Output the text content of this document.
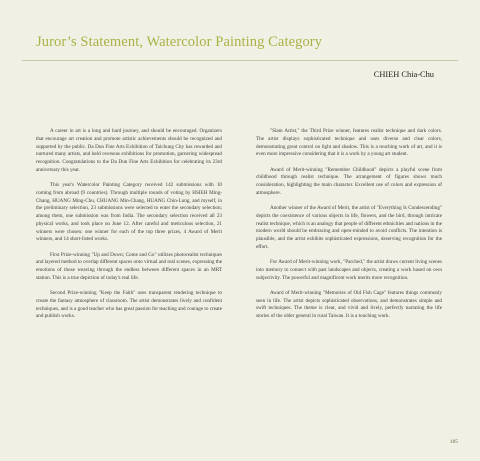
Juror’s Statement, Watercolor Painting Category
CHIEH Chia-Chu

A career in art is a long and hard journey, and should be encouraged. Organizers that encourage art creation and promote artistic achievements should be recognized and supported by the public. Da Dun Fine Arts Exhibition of Taichung City has rewarded and nurtured many artists, and held overseas exhibitions for promotion, garnering widespread recognition. Congratulations to the Da Dun Fine Arts Exhibition for celebrating its 23rd anniversary this year.

This year's Watercolor Painting Category received 142 submissions with 10 coming from abroad (9 countries). Through multiple rounds of voting by HSIEH Ming-Chang, HUANG Ming-Chu, CHUANG Min-Chang, HUANG Chin-Lung, and myself, in the preliminary selection, 23 submissions were selected to enter the secondary selection; among them, one submission was from India. The secondary selection received all 23 physical works, and took place on June 12. After careful and meticulous selection, 21 winners were chosen: one winner for each of the top three prizes, 4 Award of Merit winners, and 14 short-listed works.

First Prize-winning "Up and Down; Come and Go" utilizes photorealist techniques and layered method to overlap different spaces onto virtual and real scenes, expressing the emotions of those weaving through the endless between different spaces in an MRT station. This is a true depiction of today's real life.

Second Prize-winning "Keep the Faith" uses transparent rendering technique to create the fantasy atmosphere of classroom. The artist demonstrates lively and confident techniques, and is a good teacher who has great passion for teaching and courage to create and publish works.

"Slam Artist," the Third Prize winner, features realist technique and dark colors. The artist displays sophisticated technique and uses diverse and clear colors, demonstrating great control on light and shadow. This is a touching work of art, and it is even more impressive considering that it is a work by a young art student.

Award of Merit-winning "Remember Childhood" depicts a playful scene from childhood through realist technique. The arrangement of figures shows much consideration, highlighting the main character. Excellent use of colors and expression of atmosphere.

Another winner of the Award of Merit, the artist of "Everything Is Condescending" depicts the coexistence of various objects in life, flowers, and the bird, through intricate realist technique, which is an analogy that people of different ethnicities and nations in the modern world should be embracing and open-minded to avoid conflicts. The intention is plausible, and the artist exhibits sophisticated expressions, deserving recognition for the effort.

For Award of Merit-winning work, "Parched," the artist draws current living scenes into memory to connect with past landscapes and objects, creating a work based on own subjectivity. The powerful and magnificent work merits more recognition.

Award of Merit-winning "Memories of Old Fish Cage" features things commonly seen in life. The artist depicts sophisticated observations, and demonstrates simple and swift techniques. The theme is clear, and vivid and lively, perfectly narrating the life stories of the older general in rural Taiwan. It is a touching work.

185
